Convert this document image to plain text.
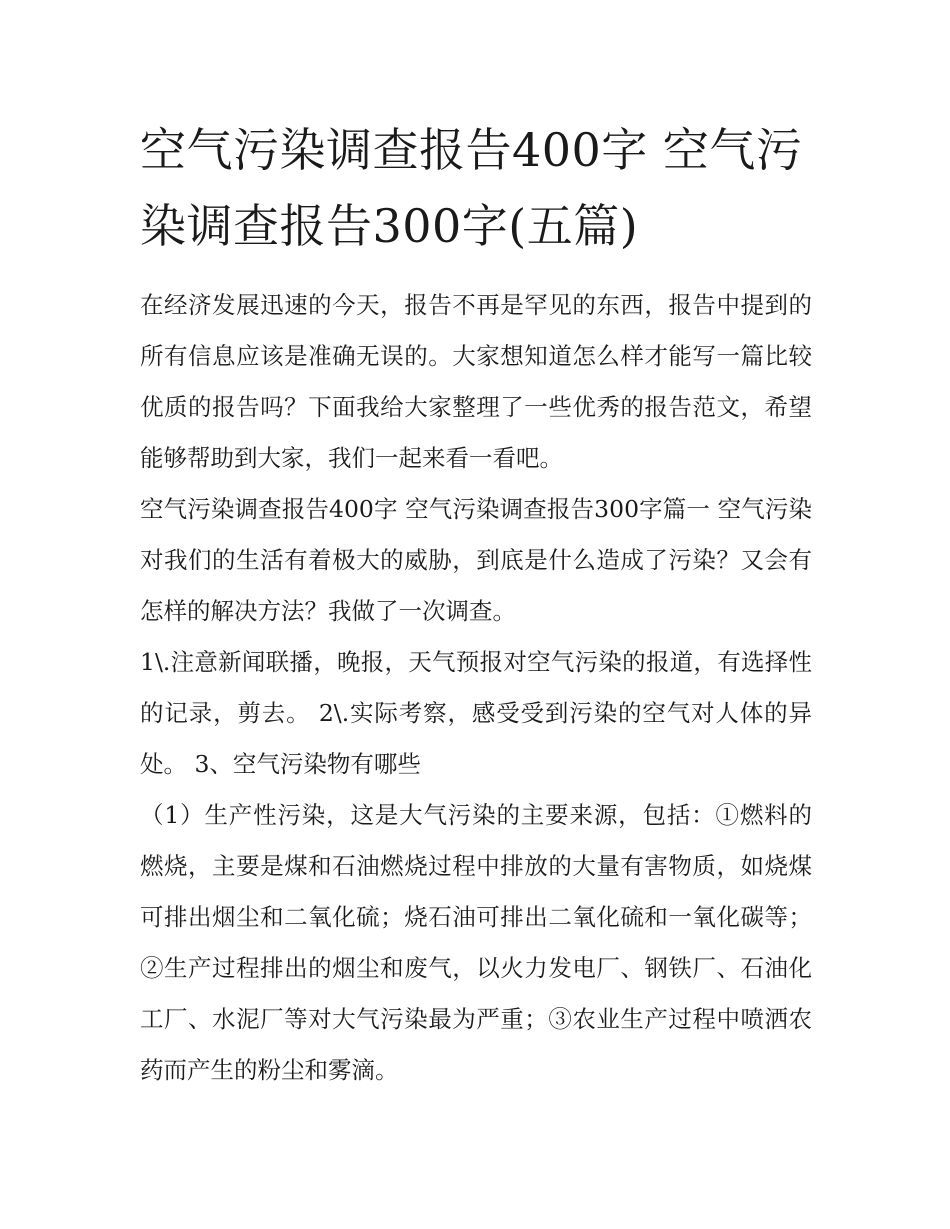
空气污染调查报告400字 空气污染调查报告300字(五篇)

在经济发展迅速的今天，报告不再是罕见的东西，报告中提到的所有信息应该是准确无误的。大家想知道怎么样才能写一篇比较优质的报告吗？下面我给大家整理了一些优秀的报告范文，希望能够帮助到大家，我们一起来看一看吧。

空气污染调查报告400字 空气污染调查报告300字篇一 空气污染对我们的生活有着极大的威胁，到底是什么造成了污染？又会有怎样的解决方法？我做了一次调查。

1\.注意新闻联播，晚报，天气预报对空气污染的报道，有选择性的记录，剪去。 2\.实际考察，感受受到污染的空气对人体的异处。 3、空气污染物有哪些

（1）生产性污染，这是大气污染的主要来源，包括：①燃料的燃烧，主要是煤和石油燃烧过程中排放的大量有害物质，如烧煤可排出烟尘和二氧化硫；烧石油可排出二氧化硫和一氧化碳等；②生产过程排出的烟尘和废气，以火力发电厂、钢铁厂、石油化工厂、水泥厂等对大气污染最为严重；③农业生产过程中喷洒农药而产生的粉尘和雾滴。
